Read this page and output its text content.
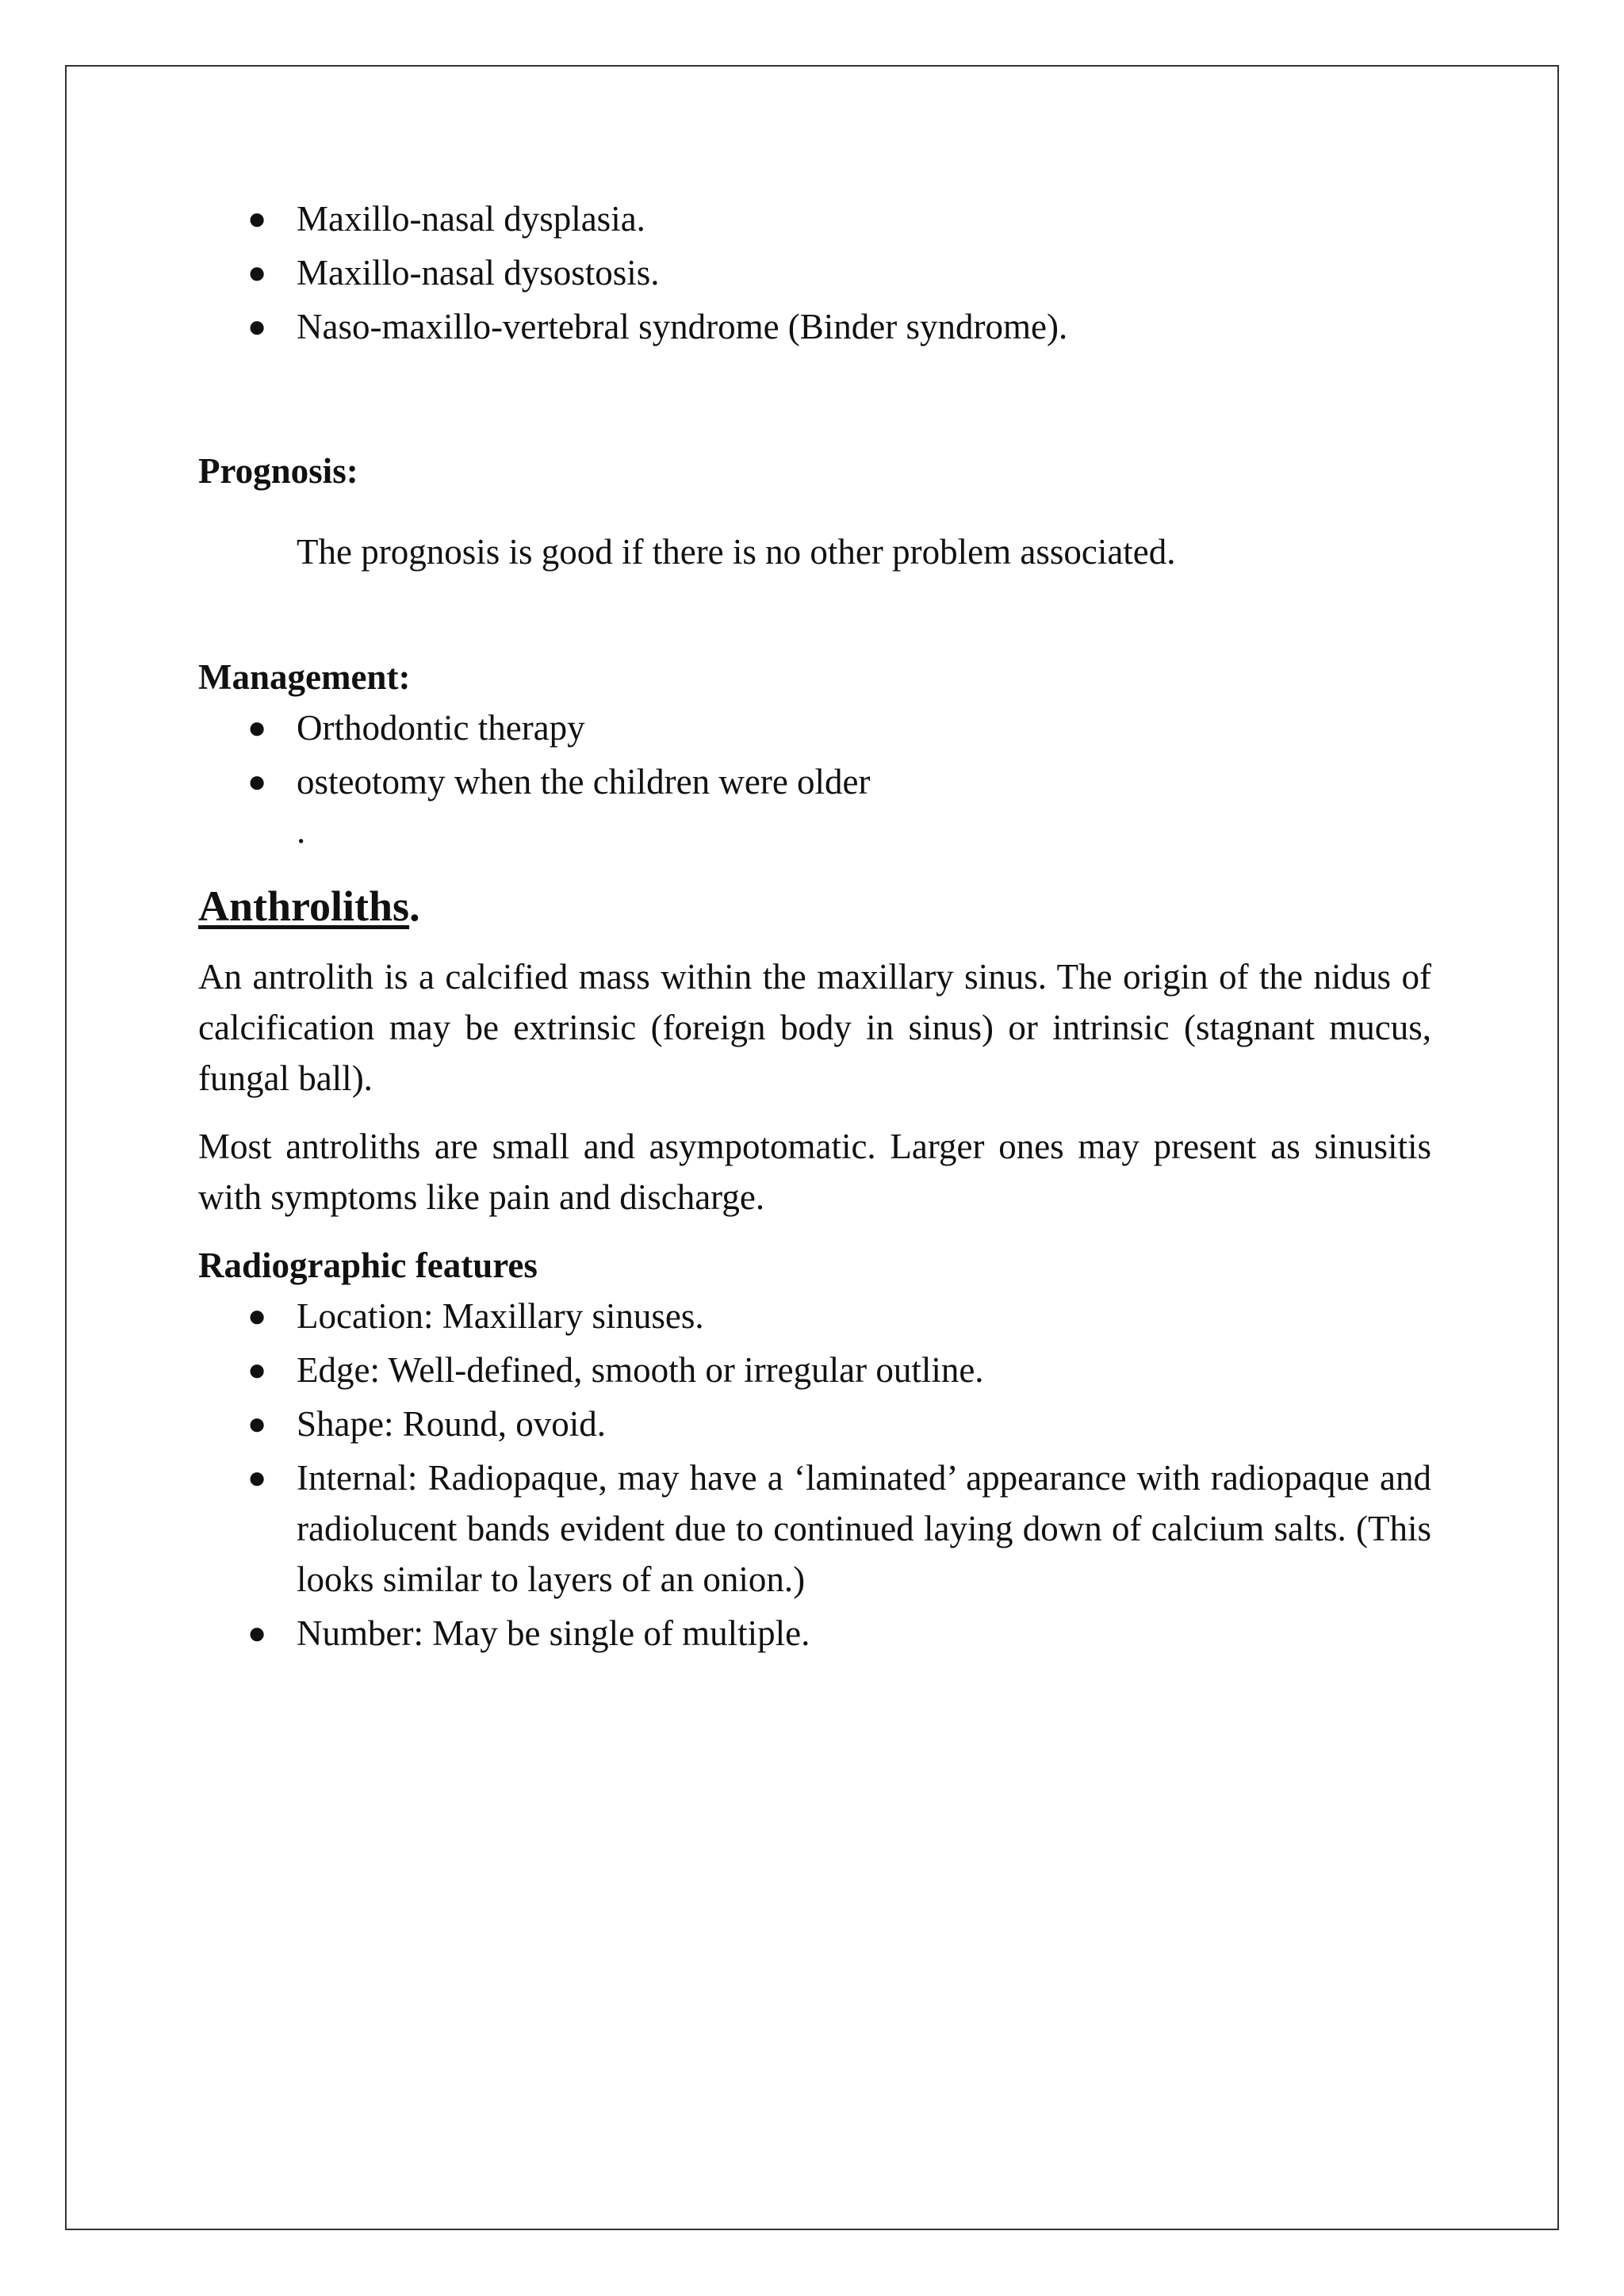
● Maxillo-nasal dysplasia.
● Maxillo-nasal dysostosis.
● Naso-maxillo-vertebral syndrome (Binder syndrome).
Prognosis:
The prognosis is good if there is no other problem associated.
Management:
● Orthodontic therapy
● osteotomy when the children were older
.
Anthroliths.

An antrolith is a calcified mass within the maxillary sinus. The origin of the nidus of calcification may be extrinsic (foreign body in sinus) or intrinsic (stagnant mucus, fungal ball).

Most antroliths are small and asympotomatic. Larger ones may present as sinusitis with symptoms like pain and discharge.

Radiographic features
● Location: Maxillary sinuses.
● Edge: Well-defined, smooth or irregular outline.
● Shape: Round, ovoid.
● Internal: Radiopaque, may have a ‘laminated’ appearance with radiopaque and radiolucent bands evident due to continued laying down of calcium salts. (This looks similar to layers of an onion.)
● Number: May be single of multiple.
